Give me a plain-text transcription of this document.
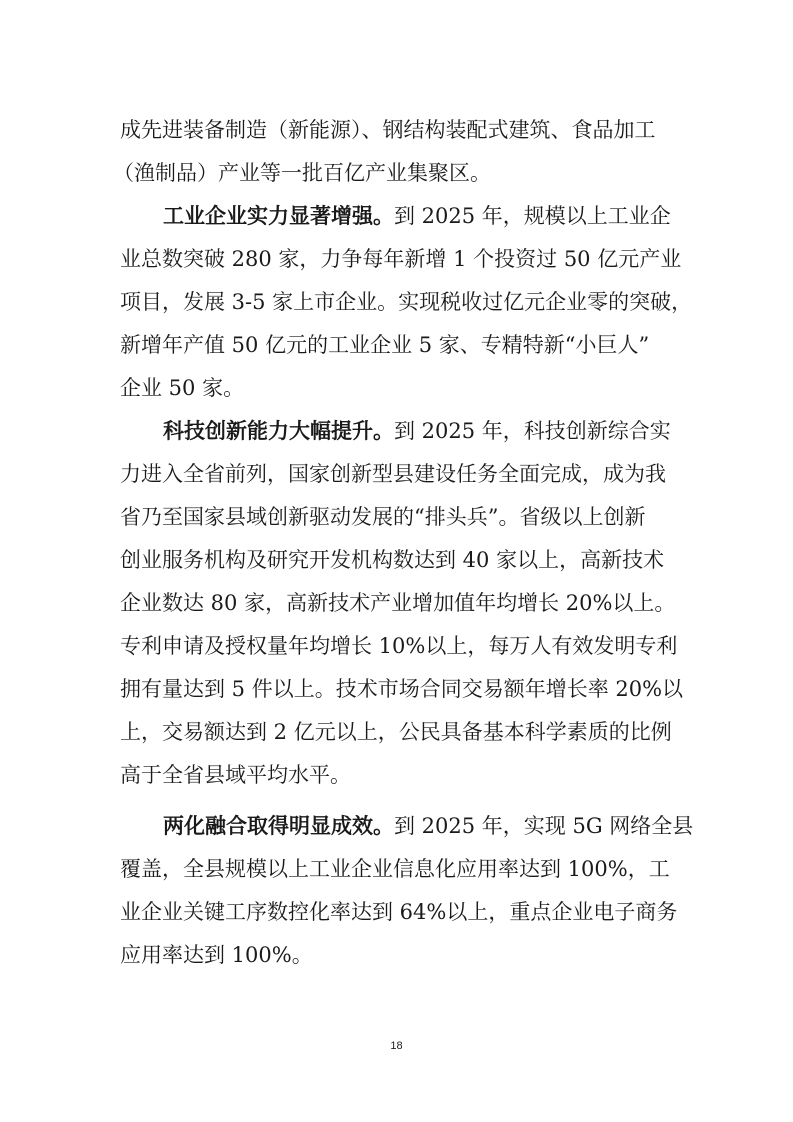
成先进装备制造（新能源）、钢结构装配式建筑、食品加工
（渔制品）产业等一批百亿产业集聚区。
工业企业实力显著增强。到 2025 年，规模以上工业企
业总数突破 280 家，力争每年新增 1 个投资过 50 亿元产业
项目，发展 3-5 家上市企业。实现税收过亿元企业零的突破，
新增年产值 50 亿元的工业企业 5 家、专精特新“小巨人”
企业 50 家。
科技创新能力大幅提升。到 2025 年，科技创新综合实
力进入全省前列，国家创新型县建设任务全面完成，成为我
省乃至国家县域创新驱动发展的“排头兵”。省级以上创新
创业服务机构及研究开发机构数达到 40 家以上，高新技术
企业数达 80 家，高新技术产业增加值年均增长 20%以上。
专利申请及授权量年均增长 10%以上，每万人有效发明专利
拥有量达到 5 件以上。技术市场合同交易额年增长率 20%以
上，交易额达到 2 亿元以上，公民具备基本科学素质的比例
高于全省县域平均水平。
两化融合取得明显成效。到 2025 年，实现 5G 网络全县
覆盖，全县规模以上工业企业信息化应用率达到 100%，工
业企业关键工序数控化率达到 64%以上，重点企业电子商务
应用率达到 100%。
18
